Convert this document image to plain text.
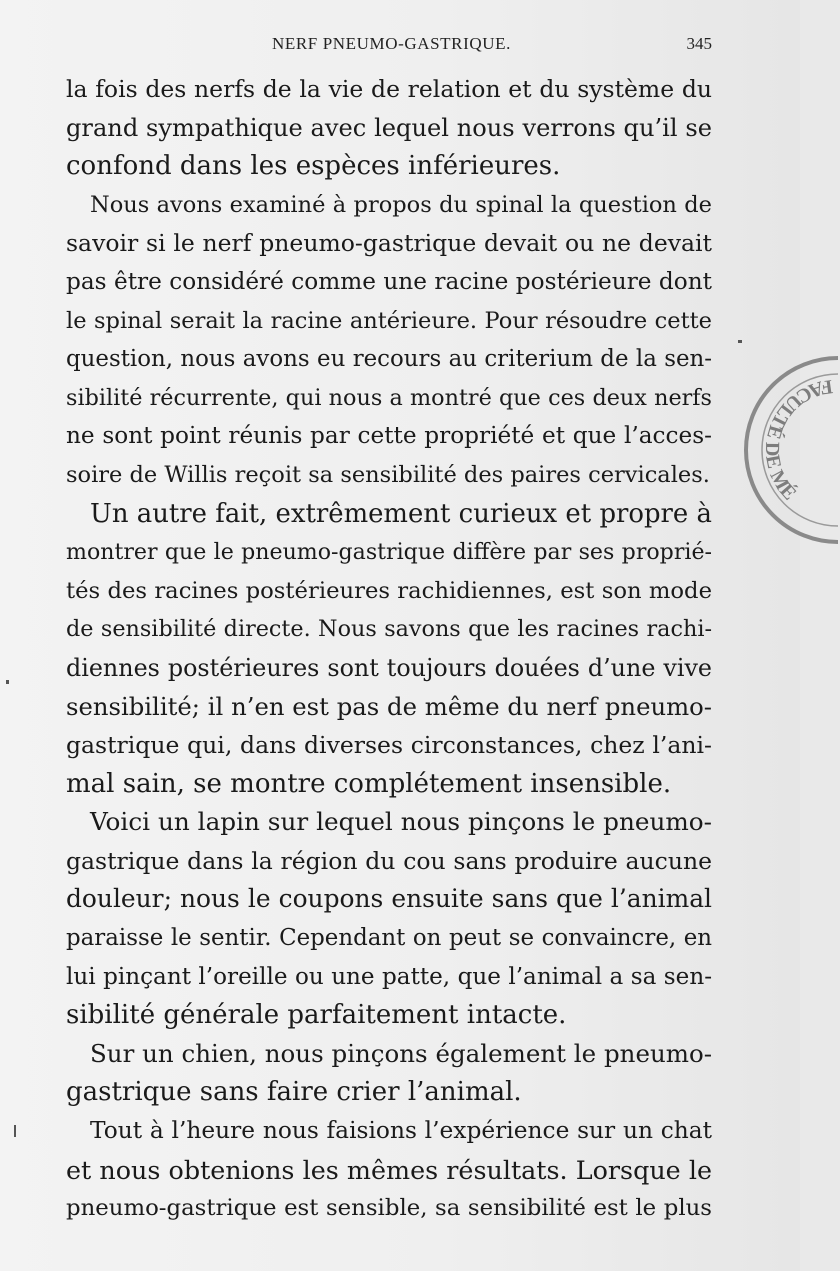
NERF PNEUMO-GASTRIQUE.	345
la fois des nerfs de la vie de relation et du système du
grand sympathique avec lequel nous verrons qu’il se
confond dans les espèces inférieures.
Nous avons examiné à propos du spinal la question de
savoir si le nerf pneumo-gastrique devait ou ne devait
pas être considéré comme une racine postérieure dont
le spinal serait la racine antérieure. Pour résoudre cette
question, nous avons eu recours au criterium de la sen-
sibilité récurrente, qui nous a montré que ces deux nerfs
ne sont point réunis par cette propriété et que l’acces-
soire de Willis reçoit sa sensibilité des paires cervicales.
Un autre fait, extrêmement curieux et propre à
montrer que le pneumo-gastrique diffère par ses proprié-
tés des racines postérieures rachidiennes, est son mode
de sensibilité directe. Nous savons que les racines rachi-
diennes postérieures sont toujours douées d’une vive
sensibilité; il n’en est pas de même du nerf pneumo-
gastrique qui, dans diverses circonstances, chez l’ani-
mal sain, se montre complétement insensible.
Voici un lapin sur lequel nous pinçons le pneumo-
gastrique dans la région du cou sans produire aucune
douleur; nous le coupons ensuite sans que l’animal
paraisse le sentir. Cependant on peut se convaincre, en
lui pinçant l’oreille ou une patte, que l’animal a sa sen-
sibilité générale parfaitement intacte.
Sur un chien, nous pinçons également le pneumo-
gastrique sans faire crier l’animal.
Tout à l’heure nous faisions l’expérience sur un chat
et nous obtenions les mêmes résultats. Lorsque le
pneumo-gastrique est sensible, sa sensibilité est le plus
FACULTÉ DE MÉ
